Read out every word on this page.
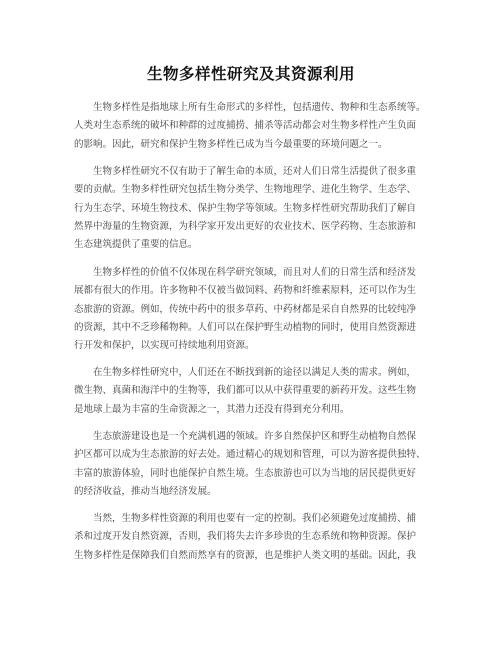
生物多样性研究及其资源利用

生物多样性是指地球上所有生命形式的多样性，包括遗传、物种和生态系统等。
人类对生态系统的破坏和种群的过度捕捞、捕杀等活动都会对生物多样性产生负面
的影响。因此，研究和保护生物多样性已成为当今最重要的环境问题之一。

生物多样性研究不仅有助于了解生命的本质，还对人们日常生活提供了很多重
要的贡献。生物多样性研究包括生物分类学、生物地理学、进化生物学、生态学、
行为生态学、环境生物技术、保护生物学等领域。生物多样性研究帮助我们了解自
然界中海量的生物资源，为科学家开发出更好的农业技术、医学药物、生态旅游和
生态建筑提供了重要的信息。

生物多样性的价值不仅体现在科学研究领域，而且对人们的日常生活和经济发
展都有很大的作用。许多物种不仅被当做饲料、药物和纤维素原料，还可以作为生
态旅游的资源。例如，传统中药中的很多草药、中药材都是采自自然界的比较纯净
的资源，其中不乏珍稀物种。人们可以在保护野生动植物的同时，使用自然资源进
行开发和保护，以实现可持续地利用资源。

在生物多样性研究中，人们还在不断找到新的途径以满足人类的需求。例如，
微生物、真菌和海洋中的生物等，我们都可以从中获得重要的新药开发。这些生物
是地球上最为丰富的生命资源之一，其潜力还没有得到充分利用。

生态旅游建设也是一个充满机遇的领域。许多自然保护区和野生动植物自然保
护区都可以成为生态旅游的好去处。通过精心的规划和管理，可以为游客提供独特、
丰富的旅游体验，同时也能保护自然生境。生态旅游也可以为当地的居民提供更好
的经济收益，推动当地经济发展。

当然，生物多样性资源的利用也要有一定的控制。我们必须避免过度捕捞、捕
杀和过度开发自然资源，否则，我们将失去许多珍贵的生态系统和物种资源。保护
生物多样性是保障我们自然而然享有的资源，也是维护人类文明的基础。因此，我
